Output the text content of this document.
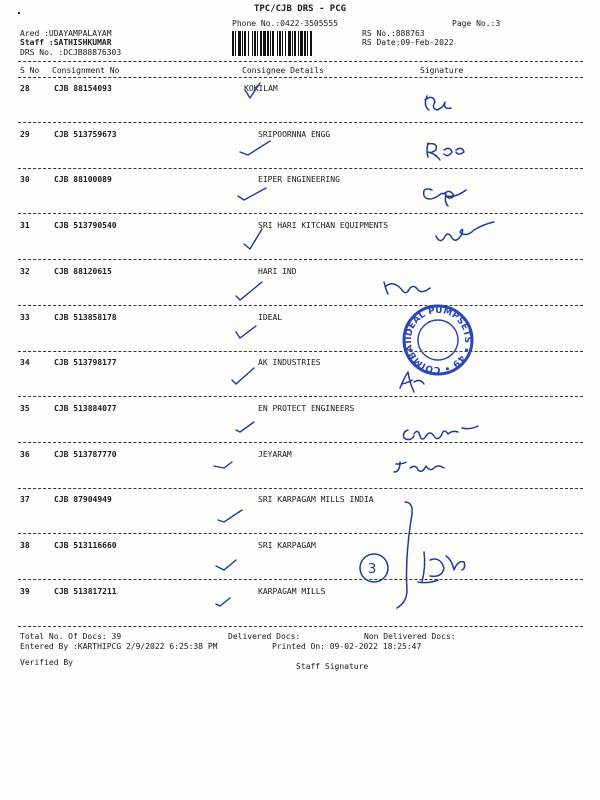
TPC/CJB DRS - PCG
Phone No.:0422-3505555	Page No.:3
Ared :UDAYAMPALAYAM
Staff :SATHISHKUMAR
DRS No. :DCJB88876303
RS No.:888763
RS Date:09-Feb-2022
S No Consignment No	Consignee Details	Signature
28	CJB 88154093	KOKILAM
29	CJB 513759673	SRIPOORNNA ENGG
30	CJB 88100089	EIPER ENGINEERING
31	CJB 513790540	SRI HARI KITCHAN EQUIPMENTS
32	CJB 88120615	HARI IND
33	CJB 513858178	IDEAL
34	CJB 513798177	AK INDUSTRIES
35	CJB 513884077	EN PROTECT ENGINEERS
36	CJB 513787770	JEYARAM
37	CJB 87904949	SRI KARPAGAM MILLS INDIA
38	CJB 513116660	SRI KARPAGAM
39	CJB 513817211	KARPAGAM MILLS
3
IDEAL PUMPSETS • 49 • COIMBATORE
Total No. Of Docs: 39	Delivered Docs:	Non Delivered Docs:
Entered By :KARTHIPCG 2/9/2022 6:25:38 PM	Printed On: 09-02-2022 18:25:47
Verified By	Staff Signature
